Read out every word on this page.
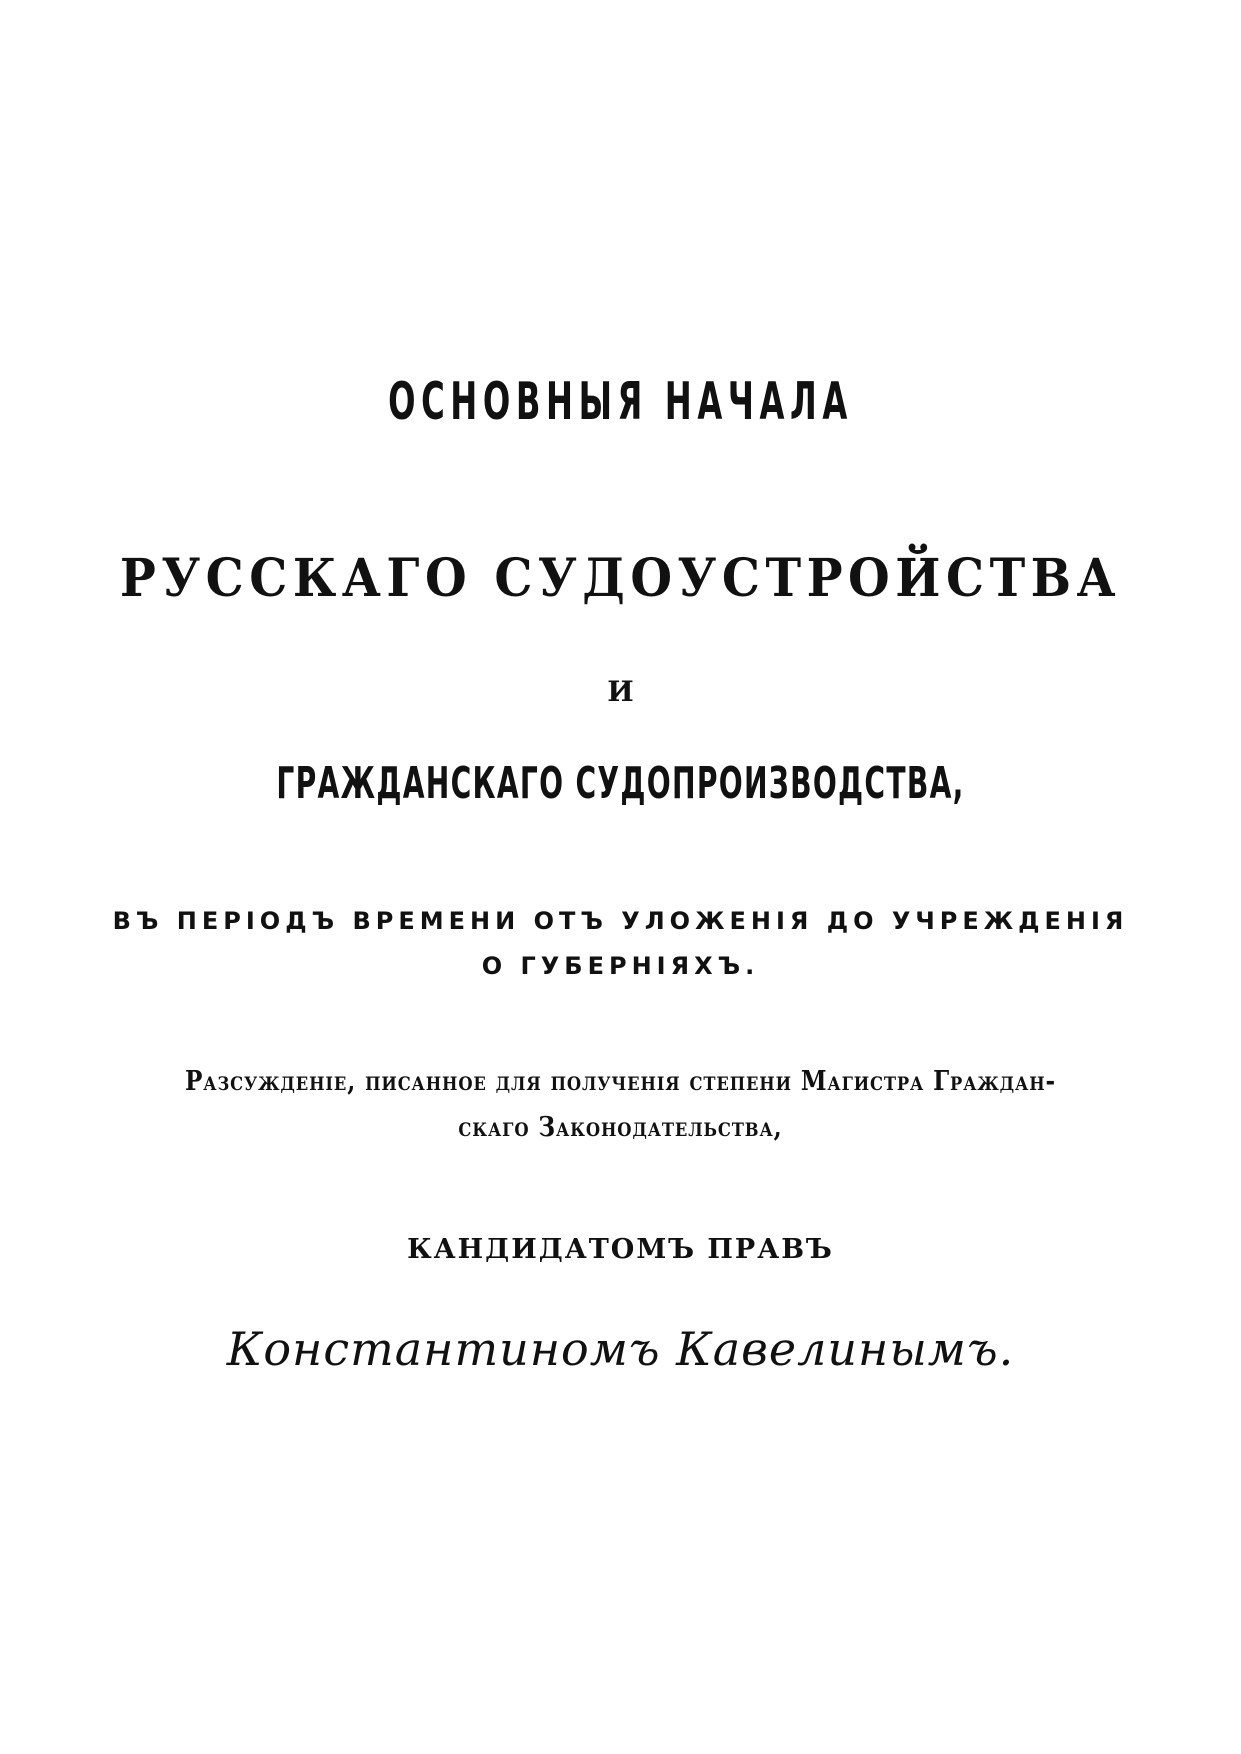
ОСНОВНЫЯ НАЧАЛА
РУССКАГО СУДОУСТРОЙСТВА
И
ГРАЖДАНСКАГО СУДОПРОИЗВОДСТВА,
ВЪ ПЕРІОДЪ ВРЕМЕНИ ОТЪ УЛОЖЕНІЯ ДО УЧРЕЖДЕНІЯ
О ГУБЕРНІЯХЪ.
Разсужденіе, писанное для полученія степени Магистра Граждан-
скаго Законодательства,
КАНДИДАТОМЪ ПРАВЪ
Константиномъ Кавелинымъ.
